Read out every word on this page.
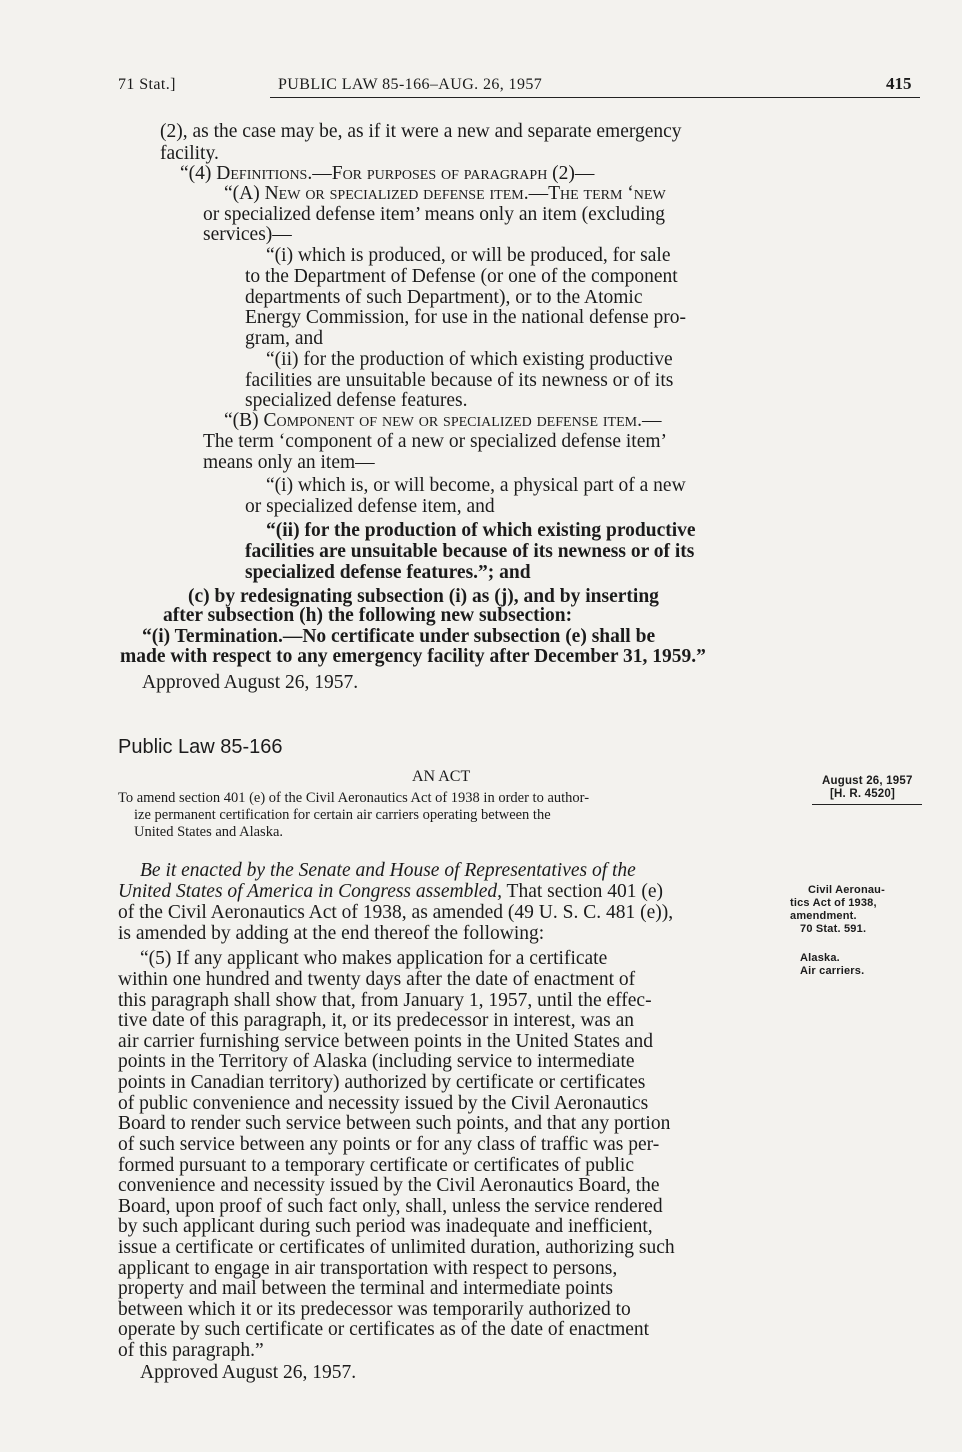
71 Stat.]	PUBLIC LAW 85-166–AUG. 26, 1957	415
(2), as the case may be, as if it were a new and separate emergency
facility.
“(4) Definitions.—For purposes of paragraph (2)—
“(A) New or specialized defense item.—The term ‘new
or specialized defense item’ means only an item (excluding
services)—
“(i) which is produced, or will be produced, for sale
to the Department of Defense (or one of the component
departments of such Department), or to the Atomic
Energy Commission, for use in the national defense pro-
gram, and
“(ii) for the production of which existing productive
facilities are unsuitable because of its newness or of its
specialized defense features.
“(B) Component of new or specialized defense item.—
The term ‘component of a new or specialized defense item’
means only an item—
“(i) which is, or will become, a physical part of a new
or specialized defense item, and
“(ii) for the production of which existing productive
facilities are unsuitable because of its newness or of its
specialized defense features.”; and
(c) by redesignating subsection (i) as (j), and by inserting
after subsection (h) the following new subsection:
“(i) Termination.—No certificate under subsection (e) shall be
made with respect to any emergency facility after December 31, 1959.”
Approved August 26, 1957.
Public Law 85-166
AN ACT
To amend section 401 (e) of the Civil Aeronautics Act of 1938 in order to author-
ize permanent certification for certain air carriers operating between the
United States and Alaska.
Be it enacted by the Senate and House of Representatives of the
United States of America in Congress assembled, That section 401 (e)
of the Civil Aeronautics Act of 1938, as amended (49 U. S. C. 481 (e)),
is amended by adding at the end thereof the following:
“(5) If any applicant who makes application for a certificate
within one hundred and twenty days after the date of enactment of
this paragraph shall show that, from January 1, 1957, until the effec-
tive date of this paragraph, it, or its predecessor in interest, was an
air carrier furnishing service between points in the United States and
points in the Territory of Alaska (including service to intermediate
points in Canadian territory) authorized by certificate or certificates
of public convenience and necessity issued by the Civil Aeronautics
Board to render such service between such points, and that any portion
of such service between any points or for any class of traffic was per-
formed pursuant to a temporary certificate or certificates of public
convenience and necessity issued by the Civil Aeronautics Board, the
Board, upon proof of such fact only, shall, unless the service rendered
by such applicant during such period was inadequate and inefficient,
issue a certificate or certificates of unlimited duration, authorizing such
applicant to engage in air transportation with respect to persons,
property and mail between the terminal and intermediate points
between which it or its predecessor was temporarily authorized to
operate by such certificate or certificates as of the date of enactment
of this paragraph.”
Approved August 26, 1957.
August 26, 1957
[H. R. 4520]
Civil Aeronau-
tics Act of 1938,
amendment.
70 Stat. 591.
Alaska.
Air carriers.
